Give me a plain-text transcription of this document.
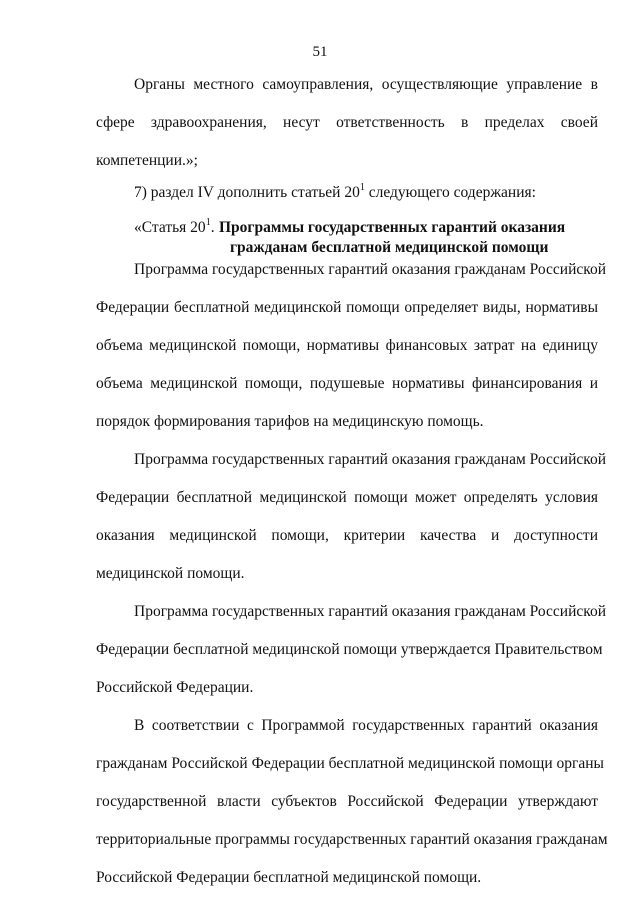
51
Органы местного самоуправления, осуществляющие управление в
сфере здравоохранения, несут ответственность в пределах своей
компетенции.»;
7) раздел IV дополнить статьей $20^1$ следующего содержания:
«Статья $20^1$. Программы государственных гарантий оказания
гражданам бесплатной медицинской помощи
Программа государственных гарантий оказания гражданам Российской
Федерации бесплатной медицинской помощи определяет виды, нормативы
объема медицинской помощи, нормативы финансовых затрат на единицу
объема медицинской помощи, подушевые нормативы финансирования и
порядок формирования тарифов на медицинскую помощь.
Программа государственных гарантий оказания гражданам Российской
Федерации бесплатной медицинской помощи может определять условия
оказания медицинской помощи, критерии качества и доступности
медицинской помощи.
Программа государственных гарантий оказания гражданам Российской
Федерации бесплатной медицинской помощи утверждается Правительством
Российской Федерации.
В соответствии с Программой государственных гарантий оказания
гражданам Российской Федерации бесплатной медицинской помощи органы
государственной власти субъектов Российской Федерации утверждают
территориальные программы государственных гарантий оказания гражданам
Российской Федерации бесплатной медицинской помощи.
